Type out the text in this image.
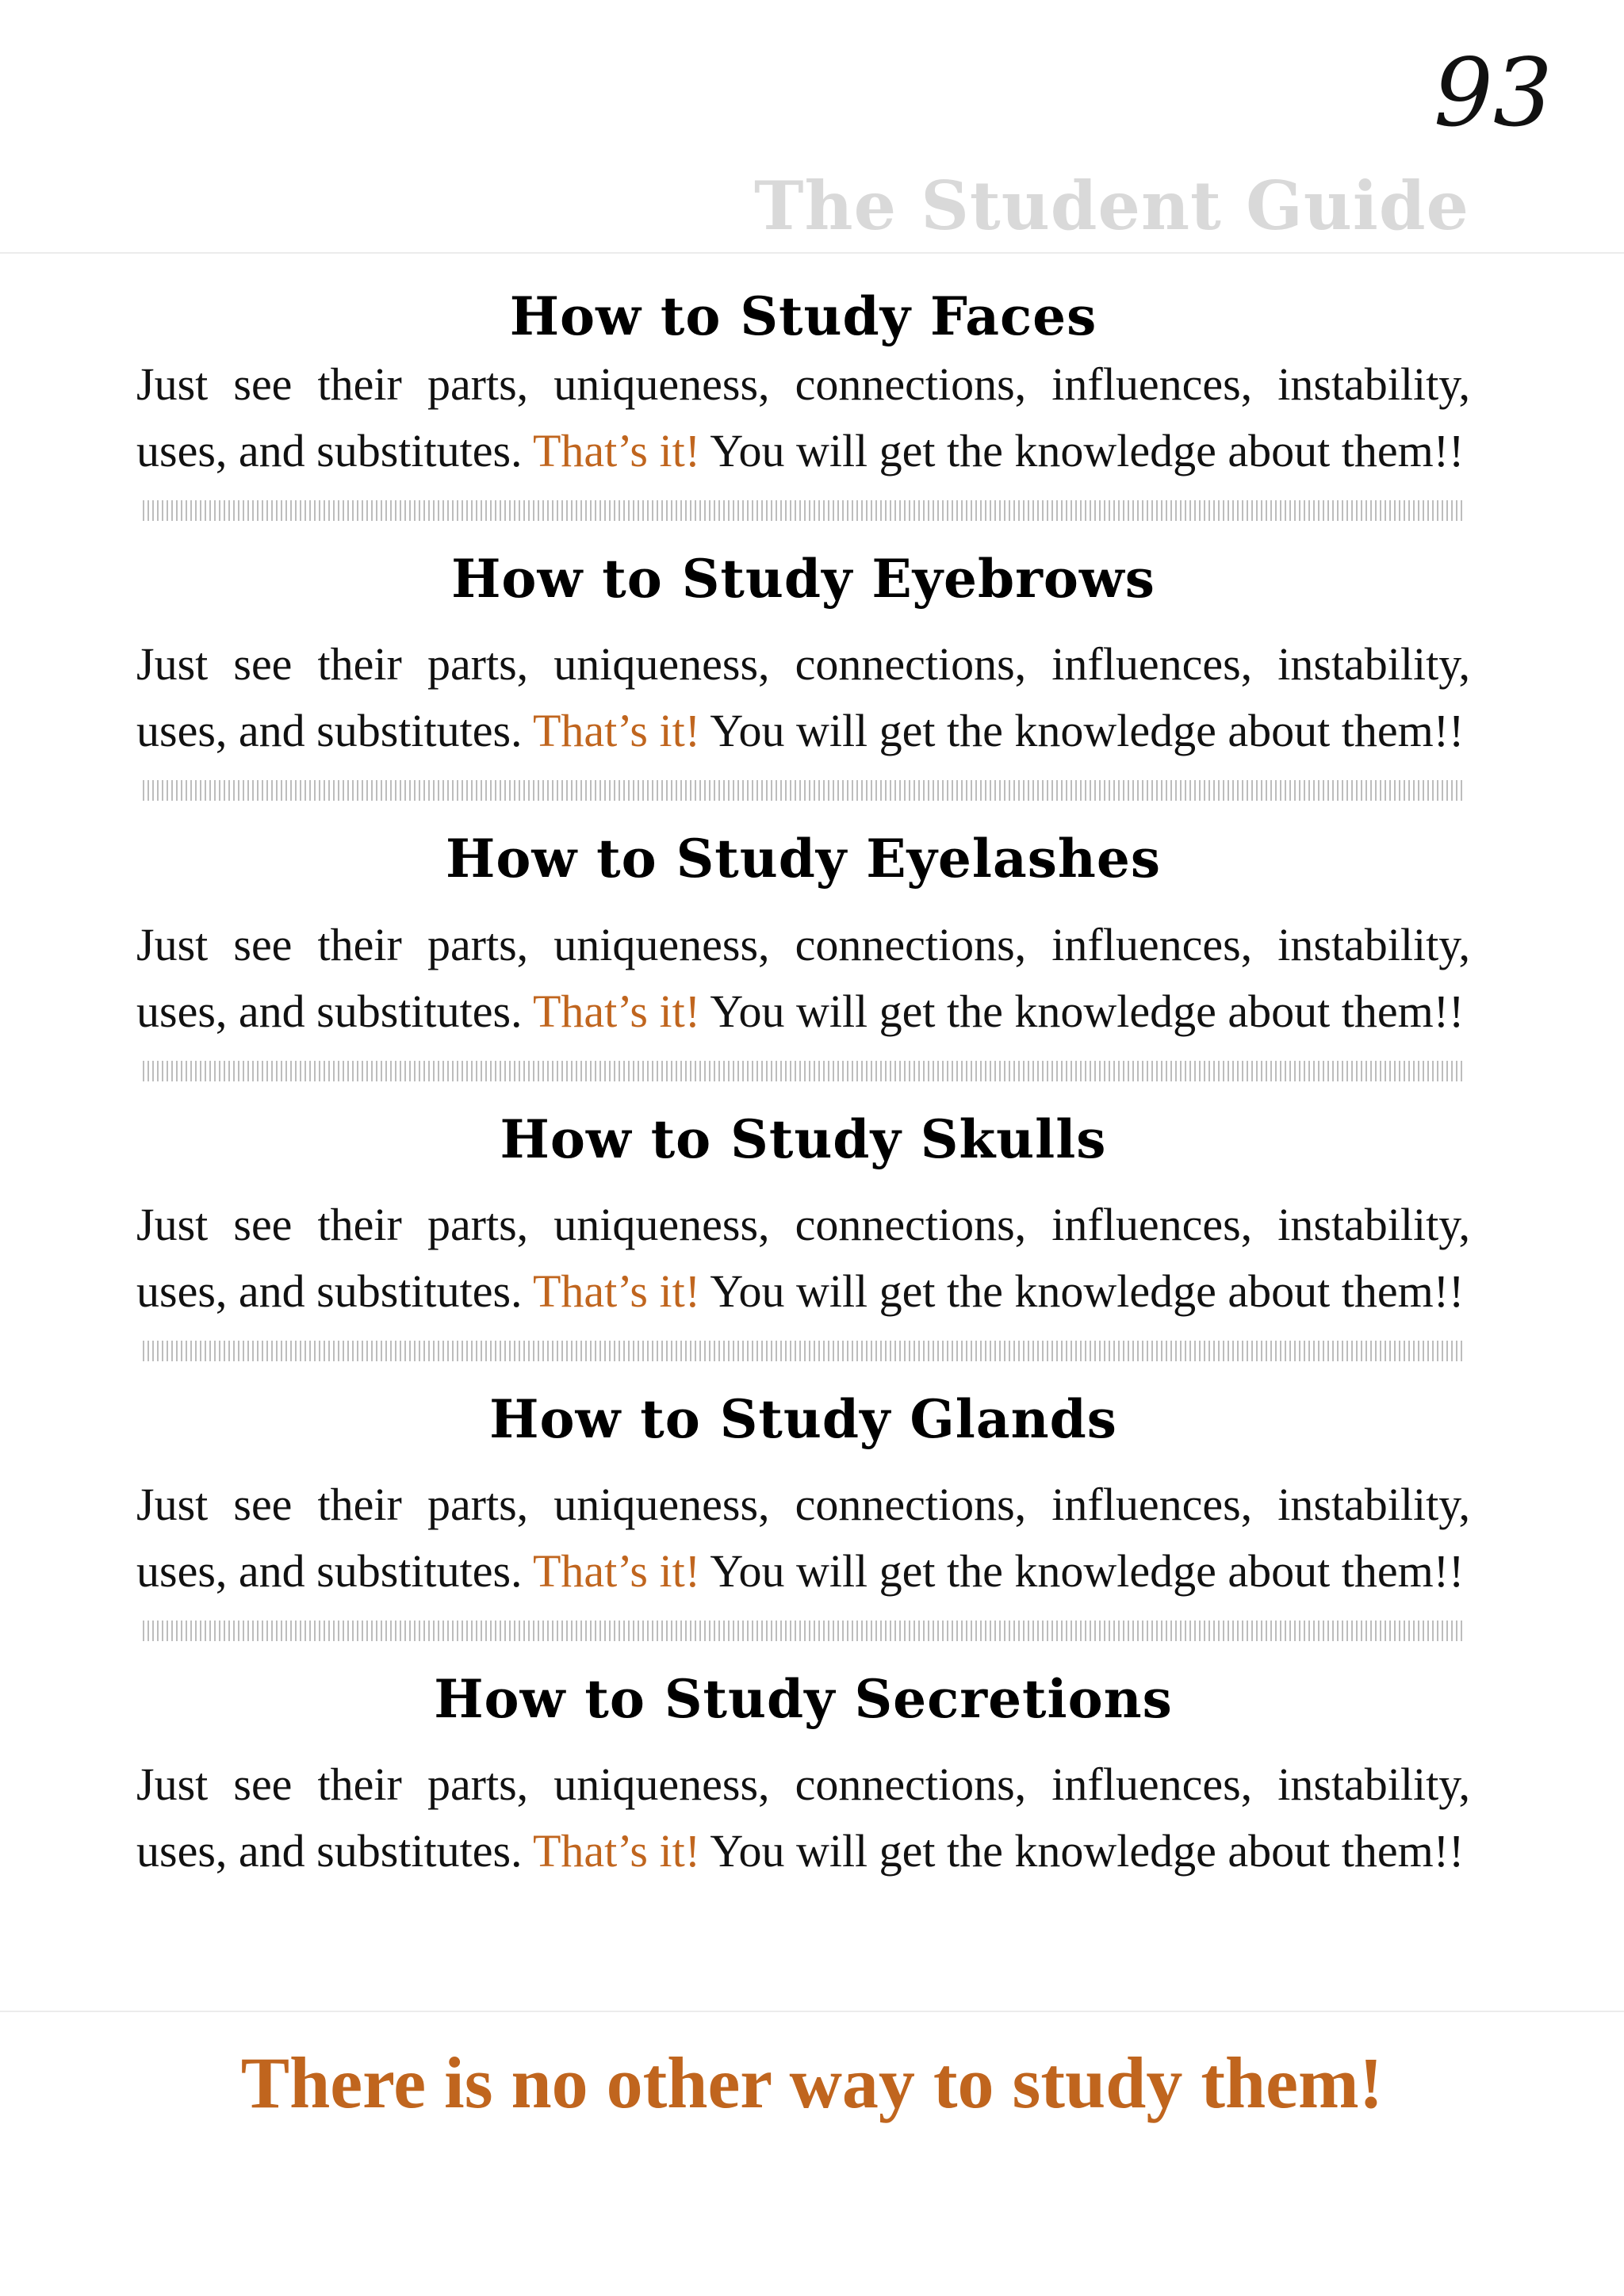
93
The Student Guide
How to Study Faces

Just see their parts, uniqueness, connections, influences, instability, uses, and substitutes. That’s it! You will get the knowledge about them!!

How to Study Eyebrows

Just see their parts, uniqueness, connections, influences, instability, uses, and substitutes. That’s it! You will get the knowledge about them!!

How to Study Eyelashes

Just see their parts, uniqueness, connections, influences, instability, uses, and substitutes. That’s it! You will get the knowledge about them!!

How to Study Skulls

Just see their parts, uniqueness, connections, influences, instability, uses, and substitutes. That’s it! You will get the knowledge about them!!

How to Study Glands

Just see their parts, uniqueness, connections, influences, instability, uses, and substitutes. That’s it! You will get the knowledge about them!!

How to Study Secretions

Just see their parts, uniqueness, connections, influences, instability, uses, and substitutes. That’s it! You will get the knowledge about them!!

There is no other way to study them!
